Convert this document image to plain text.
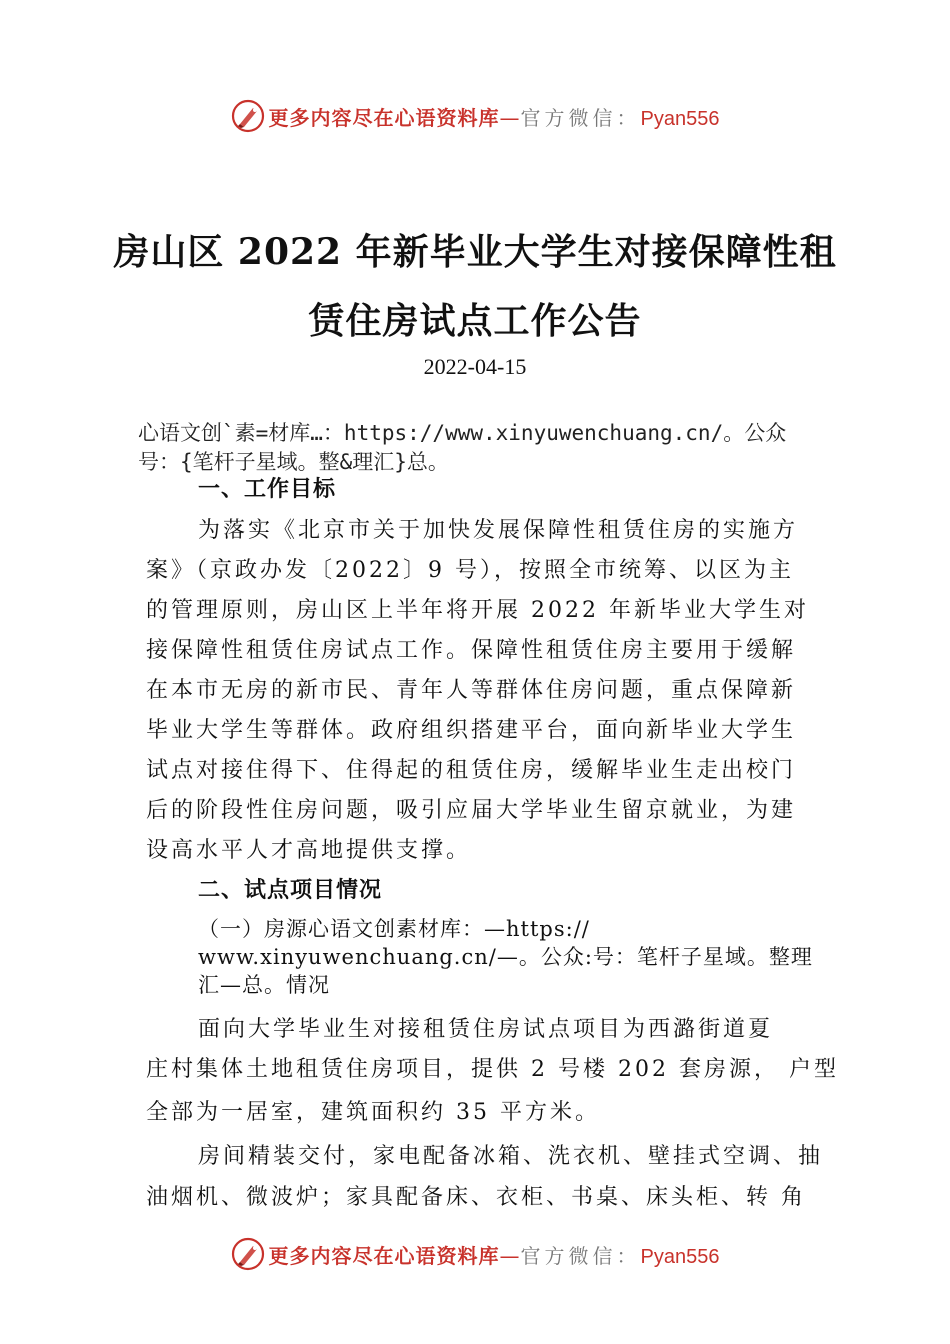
更多内容尽在心语资料库—官方微信：Pyan556
房山区 2022 年新毕业大学生对接保障性租
赁住房试点工作公告
2022-04-15
心语文创`素=材库…：https://www.xinyuwenchuang.cn/。公众
号：{笔杆子星域。整&理汇}总。
一、工作目标
为落实《北京市关于加快发展保障性租赁住房的实施方
案》（京政办发〔2022〕9 号），按照全市统筹、以区为主
的管理原则，房山区上半年将开展 2022 年新毕业大学生对
接保障性租赁住房试点工作。保障性租赁住房主要用于缓解
在本市无房的新市民、青年人等群体住房问题，重点保障新
毕业大学生等群体。政府组织搭建平台，面向新毕业大学生
试点对接住得下、住得起的租赁住房，缓解毕业生走出校门
后的阶段性住房问题，吸引应届大学毕业生留京就业，为建
设高水平人才高地提供支撑。
二、试点项目情况
（一）房源心语文创素材库：—https://
www.xinyuwenchuang.cn/—。公众:号：笔杆子星域。整理
汇—总。情况
面向大学毕业生对接租赁住房试点项目为西潞街道夏
庄村集体土地租赁住房项目，提供 2 号楼 202 套房源， 户型
全部为一居室，建筑面积约 35 平方米。
房间精装交付，家电配备冰箱、洗衣机、壁挂式空调、抽
油烟机、微波炉；家具配备床、衣柜、书桌、床头柜、转 角
更多内容尽在心语资料库—官方微信：Pyan556
